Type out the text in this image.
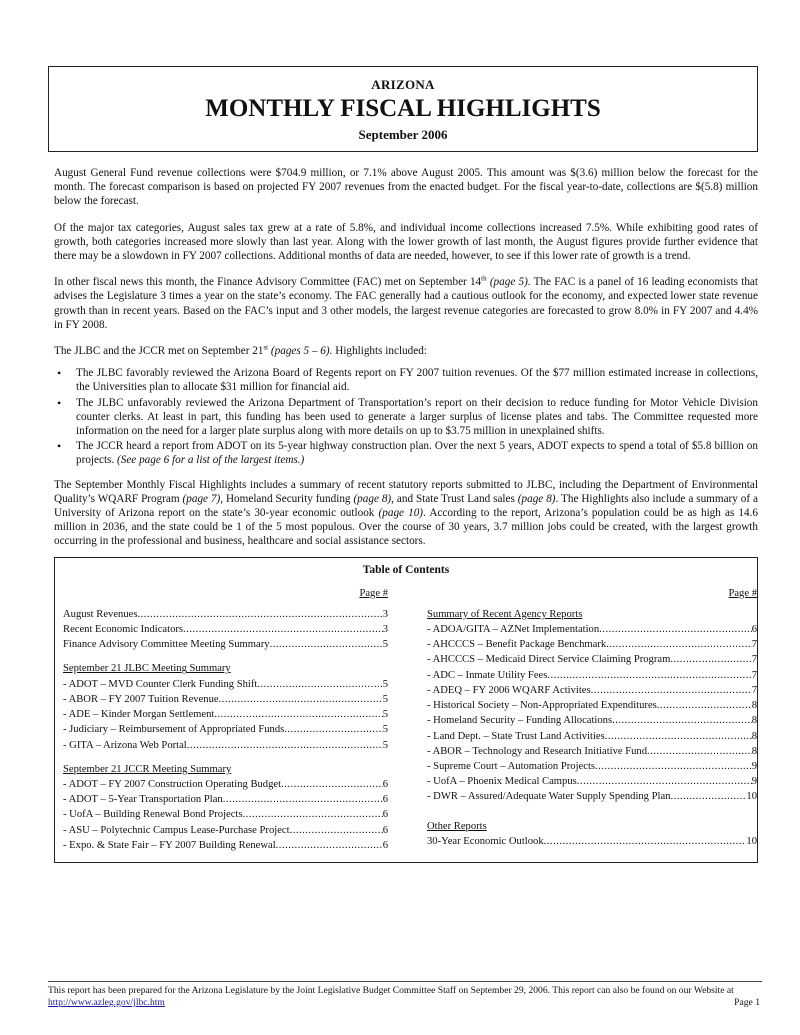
ARIZONA
MONTHLY FISCAL HIGHLIGHTS
September 2006

August General Fund revenue collections were $704.9 million, or 7.1% above August 2005. This amount was $(3.6) million below the forecast for the month. The forecast comparison is based on projected FY 2007 revenues from the enacted budget. For the fiscal year-to-date, collections are $(5.8) million below the forecast.

Of the major tax categories, August sales tax grew at a rate of 5.8%, and individual income collections increased 7.5%. While exhibiting good rates of growth, both categories increased more slowly than last year. Along with the lower growth of last month, the August figures provide further evidence that there may be a slowdown in FY 2007 collections. Additional months of data are needed, however, to see if this lower rate of growth is a trend.

In other fiscal news this month, the Finance Advisory Committee (FAC) met on September 14th (page 5). The FAC is a panel of 16 leading economists that advises the Legislature 3 times a year on the state’s economy. The FAC generally had a cautious outlook for the economy, and expected lower state revenue growth than in recent years. Based on the FAC’s input and 3 other models, the largest revenue categories are forecasted to grow 8.0% in FY 2007 and 4.4% in FY 2008.

The JLBC and the JCCR met on September 21st (pages 5 – 6). Highlights included:

• The JLBC favorably reviewed the Arizona Board of Regents report on FY 2007 tuition revenues. Of the $77 million estimated increase in collections, the Universities plan to allocate $31 million for financial aid.
• The JLBC unfavorably reviewed the Arizona Department of Transportation’s report on their decision to reduce funding for Motor Vehicle Division counter clerks. At least in part, this funding has been used to generate a larger surplus of license plates and tabs. The Committee requested more information on the need for a larger plate surplus along with more details on up to $3.75 million in unexplained shifts.
• The JCCR heard a report from ADOT on its 5-year highway construction plan. Over the next 5 years, ADOT expects to spend a total of $5.8 billion on projects. (See page 6 for a list of the largest items.)

The September Monthly Fiscal Highlights includes a summary of recent statutory reports submitted to JLBC, including the Department of Environmental Quality’s WQARF Program (page 7), Homeland Security funding (page 8), and State Trust Land sales (page 8). The Highlights also include a summary of a University of Arizona report on the state’s 30-year economic outlook (page 10). According to the report, Arizona’s population could be as high as 14.6 million in 2036, and the state could be 1 of the 5 most populous. Over the course of 30 years, 3.7 million jobs could be created, with the largest growth occurring in the professional and business, healthcare and social assistance sectors.

Table of Contents
Page #
August Revenues .....	3
Recent Economic Indicators .....	3
Finance Advisory Committee Meeting Summary .....	5
September 21 JLBC Meeting Summary
- ADOT – MVD Counter Clerk Funding Shift .....	5
- ABOR – FY 2007 Tuition Revenue .....	5
- ADE – Kinder Morgan Settlement .....	5
- Judiciary – Reimbursement of Appropriated Funds .....	5
- GITA – Arizona Web Portal .....	5
September 21 JCCR Meeting Summary
- ADOT – FY 2007 Construction Operating Budget .....	6
- ADOT – 5-Year Transportation Plan .....	6
- UofA – Building Renewal Bond Projects .....	6
- ASU – Polytechnic Campus Lease-Purchase Project .....	6
- Expo. & State Fair – FY 2007 Building Renewal .....	6
Page #
Summary of Recent Agency Reports
- ADOA/GITA – AZNet Implementation .....	6
- AHCCCS – Benefit Package Benchmark .....	7
- AHCCCS – Medicaid Direct Service Claiming Program .....	7
- ADC – Inmate Utility Fees .....	7
- ADEQ – FY 2006 WQARF Activites .....	7
- Historical Society – Non-Appropriated Expenditures .....	8
- Homeland Security – Funding Allocations .....	8
- Land Dept. – State Trust Land Activities .....	8
- ABOR – Technology and Research Initiative Fund .....	8
- Supreme Court – Automation Projects .....	9
- UofA – Phoenix Medical Campus .....	9
- DWR – Assured/Adequate Water Supply Spending Plan .....	10
Other Reports
30-Year Economic Outlook .....	10
This report has been prepared for the Arizona Legislature by the Joint Legislative Budget Committee Staff on September 29, 2006. This report can also be found on our Website at http://www.azleg.gov/jlbc.htm	Page 1
